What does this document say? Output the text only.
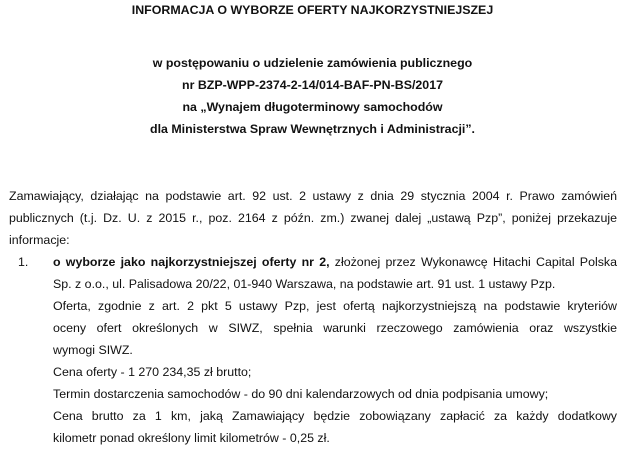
INFORMACJA O WYBORZE OFERTY NAJKORZYSTNIEJSZEJ
w postępowaniu o udzielenie zamówienia publicznego
nr BZP-WPP-2374-2-14/014-BAF-PN-BS/2017
na „Wynajem długoterminowy samochodów
dla Ministerstwa Spraw Wewnętrznych i Administracji”.
Zamawiający, działając na podstawie art. 92 ust. 2 ustawy z dnia 29 stycznia 2004 r. Prawo zamówień
publicznych (t.j. Dz. U. z 2015 r., poz. 2164 z późn. zm.) zwanej dalej „ustawą Pzp”, poniżej przekazuje
informacje:
1. o wyborze jako najkorzystniejszej oferty nr 2, złożonej przez Wykonawcę Hitachi Capital Polska
Sp. z o.o., ul. Palisadowa 20/22, 01-940 Warszawa, na podstawie art. 91 ust. 1 ustawy Pzp.
Oferta, zgodnie z art. 2 pkt 5 ustawy Pzp, jest ofertą najkorzystniejszą na podstawie kryteriów
oceny ofert określonych w SIWZ, spełnia warunki rzeczowego zamówienia oraz wszystkie
wymogi SIWZ.
Cena oferty - 1 270 234,35 zł brutto;
Termin dostarczenia samochodów - do 90 dni kalendarzowych od dnia podpisania umowy;
Cena brutto za 1 km, jaką Zamawiający będzie zobowiązany zapłacić za każdy dodatkowy
kilometr ponad określony limit kilometrów - 0,25 zł.
